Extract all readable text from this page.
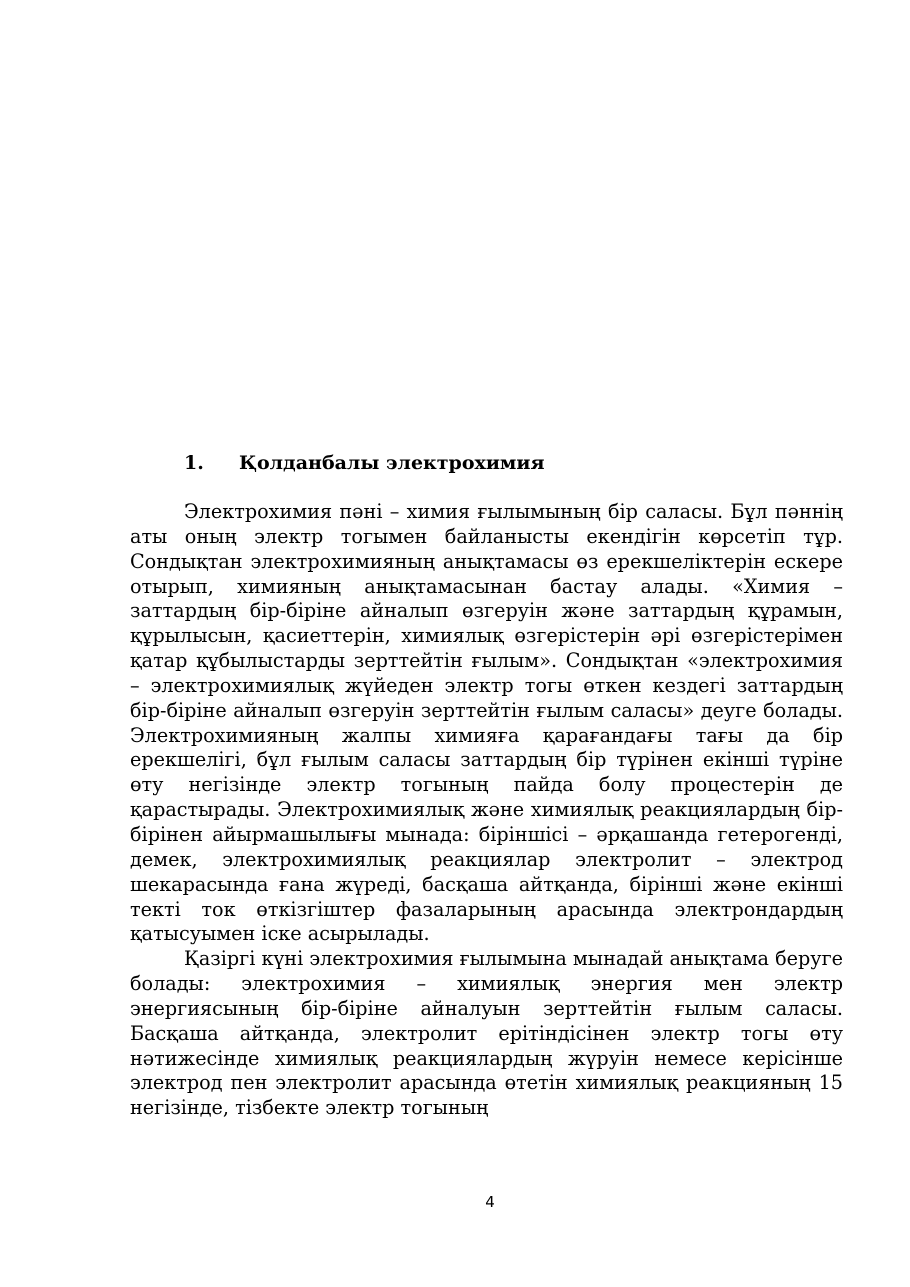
1. Қолданбалы электрохимия

Электрохимия пәні – химия ғылымының бір саласы. Бұл пәннің аты оның электр тогымен байланысты екендігін көрсетіп тұр. Сондықтан электрохимияның анықтамасы өз ерекшеліктерін ескере отырып, химияның анықтамасынан бастау алады. «Химия – заттардың бір-біріне айналып өзгеруін және заттардың құрамын, құрылысын, қасиеттерін, химиялық өзгерістерін әрі өзгерістерімен қатар құбылыстарды зерттейтін ғылым». Сондықтан «электрохимия – электрохимиялық жүйеден электр тогы өткен кездегі заттардың бір-біріне айналып өзгеруін зерттейтін ғылым саласы» деуге болады. Электрохимияның жалпы химияға қарағандағы тағы да бір ерекшелігі, бұл ғылым саласы заттардың бір түрінен екінші түріне өту негізінде электр тогының пайда болу процестерін де қарастырады. Электрохимиялық және химиялық реакциялардың бір-бірінен айырмашылығы мынада: біріншісі – әрқашанда гетерогенді, демек, электрохимиялық реакциялар электролит – электрод шекарасында ғана жүреді, басқаша айтқанда, бірінші және екінші текті ток өткізгіштер фазаларының арасында электрондардың қатысуымен іске асырылады.

Қазіргі күні электрохимия ғылымына мынадай анықтама беруге болады: электрохимия – химиялық энергия мен электр энергиясының бір-біріне айналуын зерттейтін ғылым саласы. Басқаша айтқанда, электролит ерітіндісінен электр тогы өту нәтижесінде химиялық реакциялардың жүруін немесе керісінше электрод пен электролит арасында өтетін химиялық реакцияның 15 негізінде, тізбекте электр тогының

4
